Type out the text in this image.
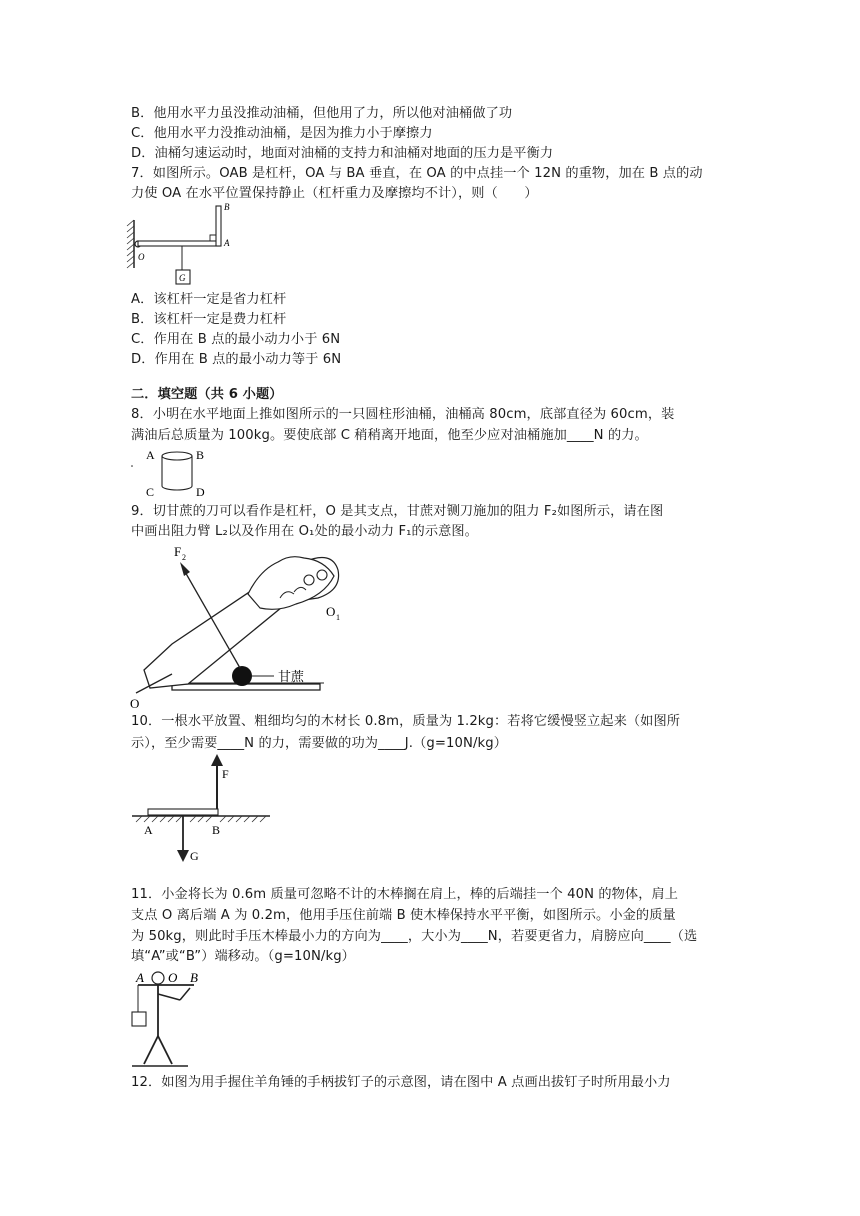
B．他用水平力虽没推动油桶，但他用了力，所以他对油桶做了功
C．他用水平力没推动油桶，是因为推力小于摩擦力
D．油桶匀速运动时，地面对油桶的支持力和油桶对地面的压力是平衡力
7．如图所示。OAB 是杠杆，OA 与 BA 垂直，在 OA 的中点挂一个 12N 的重物，加在 B 点的动
力使 OA 在水平位置保持静止（杠杆重力及摩擦均不计），则（　　）
G
B
A
O
A．该杠杆一定是省力杠杆
B．该杠杆一定是费力杠杆
C．作用在 B 点的最小动力小于 6N
D．作用在 B 点的最小动力等于 6N
二．填空题（共 6 小题）
8．小明在水平地面上推如图所示的一只圆柱形油桶，油桶高 80cm，底部直径为 60cm，装
满油后总质量为 100kg。要使底部 C 稍稍离开地面，他至少应对油桶施加____N 的力。
A	B
C	D
9．切甘蔗的刀可以看作是杠杆，O 是其支点，甘蔗对铡刀施加的阻力 F₂如图所示，请在图
中画出阻力臂 L₂以及作用在 O₁处的最小动力 F₁的示意图。
甘蔗
F 2
O 1
O
10．一根水平放置、粗细均匀的木材长 0.8m，质量为 1.2kg：若将它缓慢竖立起来（如图所
示），至少需要____N 的力，需要做的功为____J.（g=10N/kg）
F
G
A	B
11．小金将长为 0.6m 质量可忽略不计的木棒搁在肩上，棒的后端挂一个 40N 的物体，肩上
支点 O 离后端 A 为 0.2m，他用手压住前端 B 使木棒保持水平平衡，如图所示。小金的质量
为 50kg，则此时手压木棒最小力的方向为____，大小为____N，若要更省力，肩膀应向____（选
填“A”或“B”）端移动。（g=10N/kg）
A O B
12．如图为用手握住羊角锤的手柄拔钉子的示意图，请在图中 A 点画出拔钉子时所用最小力
